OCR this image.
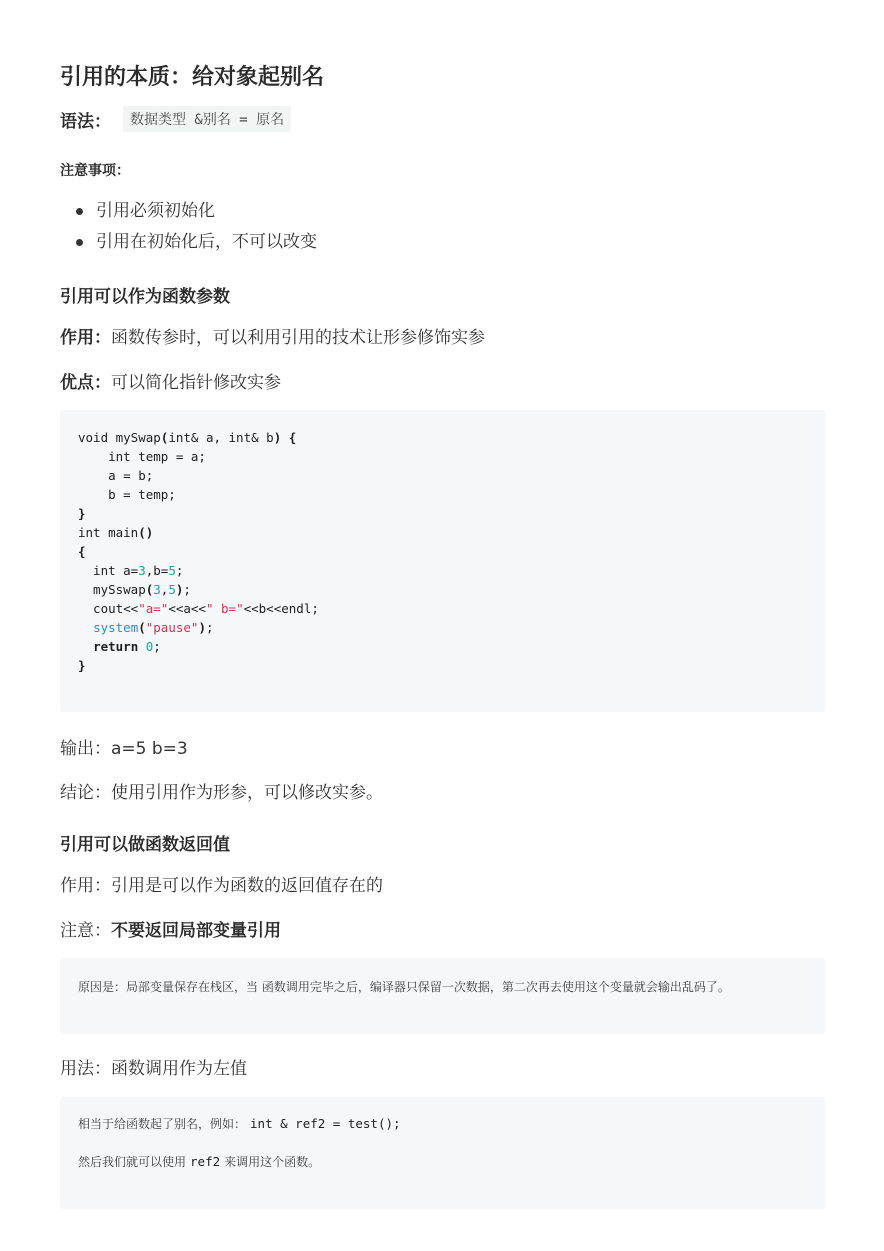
引用的本质：给对象起别名
语法：	数据类型 &别名 = 原名
注意事项：
引用必须初始化
引用在初始化后，不可以改变
引用可以作为函数参数
作用：函数传参时，可以利用引用的技术让形参修饰实参
优点：可以简化指针修改实参
void mySwap(int& a, int& b) {
int temp = a;
a = b;
b = temp;
}
int main()
{
int a=3,b=5;
mySswap(3,5);
cout<<"a="<<a<<" b="<<b<<endl;
system("pause");
return 0;
}
输出：a=5 b=3
结论：使用引用作为形参，可以修改实参。
引用可以做函数返回值
作用：引用是可以作为函数的返回值存在的
注意：不要返回局部变量引用
原因是：局部变量保存在栈区，当 函数调用完毕之后，编译器只保留一次数据，第二次再去使用这个变量就会输出乱码了。
用法：函数调用作为左值
相当于给函数起了别名，例如： int & ref2 = test();
然后我们就可以使用 ref2 来调用这个函数。
